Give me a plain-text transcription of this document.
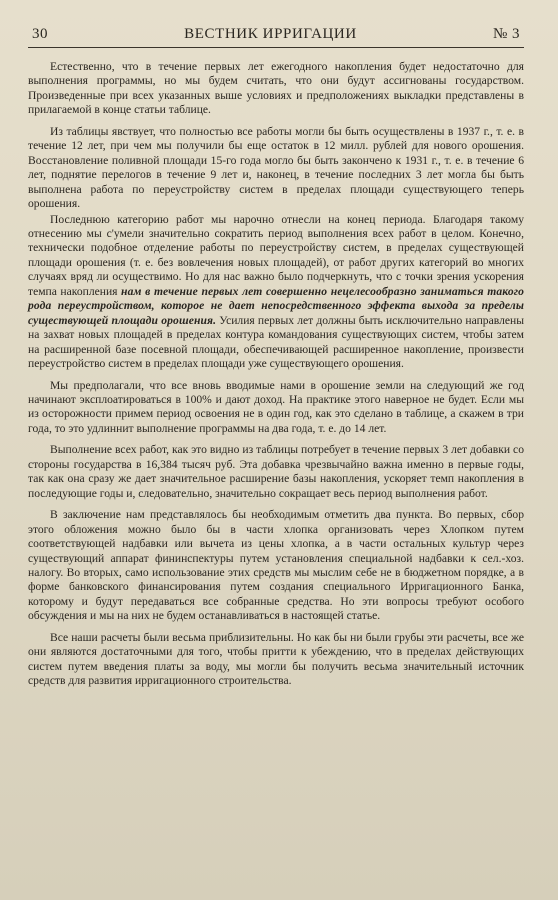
30	ВЕСТНИК ИРРИГАЦИИ	№ 3

Естественно, что в течение первых лет ежегодного накопления будет недостаточно для выполнения программы, но мы будем считать, что они будут ассигнованы государством. Произведенные при всех указанных выше условиях и предположениях выкладки представлены в прилагаемой в конце статьи таблице.

Из таблицы явствует, что полностью все работы могли бы быть осуществлены в 1937 г., т. е. в течение 12 лет, при чем мы получили бы еще остаток в 12 милл. рублей для нового орошения. Восстановление поливной площади 15-го года могло бы быть закончено к 1931 г., т. е. в течение 6 лет, поднятие перелогов в течение 9 лет и, наконец, в течение последних 3 лет могла бы быть выполнена работа по переустройству систем в пределах площади существующего теперь орошения.

Последнюю категорию работ мы нарочно отнесли на конец периода. Благодаря такому отнесению мы с'умели значительно сократить период выполнения всех работ в целом. Конечно, технически подобное отделение работы по переустройству систем, в пределах существующей площади орошения (т. е. без вовлечения новых площадей), от работ других категорий во многих случаях вряд ли осуществимо. Но для нас важно было подчеркнуть, что с точки зрения ускорения темпа накопления нам в течение первых лет совершенно нецелесообразно заниматься такого рода переустройством, которое не дает непосредственного эффекта выхода за пределы существующей площади орошения. Усилия первых лет должны быть исключительно направлены на захват новых площадей в пределах контура командования существующих систем, чтобы затем на расширенной базе посевной площади, обеспечивающей расширенное накопление, произвести переустройство систем в пределах площади уже существующего орошения.

Мы предполагали, что все вновь вводимые нами в орошение земли на следующий же год начинают эксплоатироваться в 100% и дают доход. На практике этого наверное не будет. Если мы из осторожности примем период освоения не в один год, как это сделано в таблице, а скажем в три года, то это удлиннит выполнение программы на два года, т. е. до 14 лет.

Выполнение всех работ, как это видно из таблицы потребует в течение первых 3 лет добавки со стороны государства в 16,384 тысяч руб. Эта добавка чрезвычайно важна именно в первые годы, так как она сразу же дает значительное расширение базы накопления, ускоряет темп накопления в последующие годы и, следовательно, значительно сокращает весь период выполнения работ.

В заключение нам представлялось бы необходимым отметить два пункта. Во первых, сбор этого обложения можно было бы в части хлопка организовать через Хлопком путем соответствующей надбавки или вычета из цены хлопка, а в части остальных культур через существующий аппарат фининспектуры путем установления специальной надбавки к сел.-хоз. налогу. Во вторых, само использование этих средств мы мыслим себе не в бюджетном порядке, а в форме банковского финансирования путем создания специального Ирригационного Банка, которому и будут передаваться все собранные средства. Но эти вопросы требуют особого обсуждения и мы на них не будем останавливаться в настоящей статье.

Все наши расчеты были весьма приблизительны. Но как бы ни были грубы эти расчеты, все же они являются достаточными для того, чтобы притти к убеждению, что в пределах действующих систем путем введения платы за воду, мы могли бы получить весьма значительный источник средств для развития ирригационного строительства.
